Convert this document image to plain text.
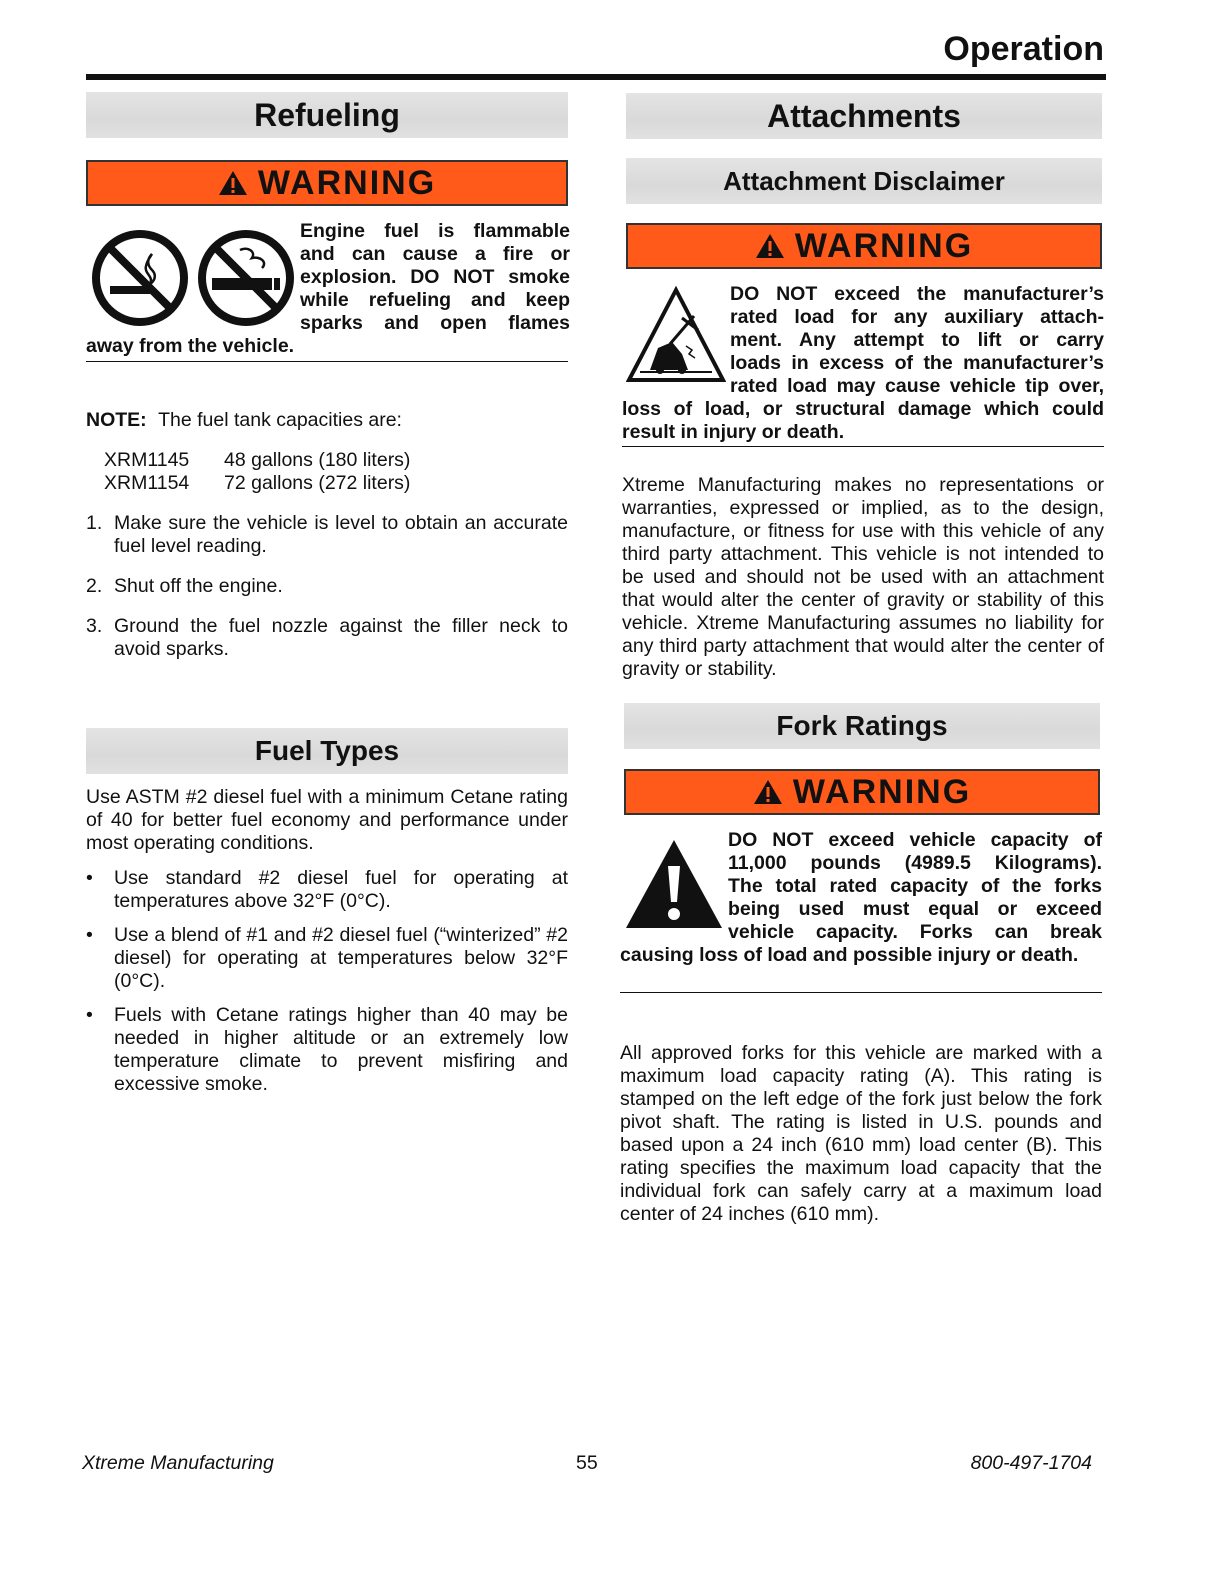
Operation
Refueling
WARNING
Engine fuel is flammable
and can cause a fire or
explosion. DO NOT smoke
while refueling and keep
sparks and open flames
away from the vehicle.
NOTE: The fuel tank capacities are:
XRM1145	48 gallons (180 liters)
XRM1154	72 gallons (272 liters)
1. Make sure the vehicle is level to obtain an accurate fuel level reading.
2. Shut off the engine.
3. Ground the fuel nozzle against the filler neck to avoid sparks.
Fuel Types
Use ASTM #2 diesel fuel with a minimum Cetane rating of 40 for better fuel economy and performance under most operating conditions.
•	Use standard #2 diesel fuel for operating at temperatures above 32°F (0°C).
•	Use a blend of #1 and #2 diesel fuel (“winterized” #2 diesel) for operating at temperatures below 32°F (0°C).
•	Fuels with Cetane ratings higher than 40 may be needed in higher altitude or an extremely low temperature climate to prevent misfiring and excessive smoke.
Attachments
Attachment Disclaimer
WARNING
DO NOT exceed the manufacturer’s
rated load for any auxiliary attach-
ment. Any attempt to lift or carry
loads in excess of the manufacturer’s
rated load may cause vehicle tip over,
loss of load, or structural damage which could result in injury or death.
Xtreme Manufacturing makes no representations or warranties, expressed or implied, as to the design, manufacture, or fitness for use with this vehicle of any third party attachment. This vehicle is not intended to be used and should not be used with an attachment that would alter the center of gravity or stability of this vehicle. Xtreme Manufacturing assumes no liability for any third party attachment that would alter the center of gravity or stability.
Fork Ratings
WARNING
DO NOT exceed vehicle capacity of
11,000 pounds (4989.5 Kilograms).
The total rated capacity of the forks
being used must equal or exceed
vehicle capacity. Forks can break
causing loss of load and possible injury or death.
All approved forks for this vehicle are marked with a maximum load capacity rating (A). This rating is stamped on the left edge of the fork just below the fork pivot shaft. The rating is listed in U.S. pounds and based upon a 24 inch (610 mm) load center (B). This rating specifies the maximum load capacity that the individual fork can safely carry at a maximum load center of 24 inches (610 mm).
Xtreme Manufacturing	55	800-497-1704
